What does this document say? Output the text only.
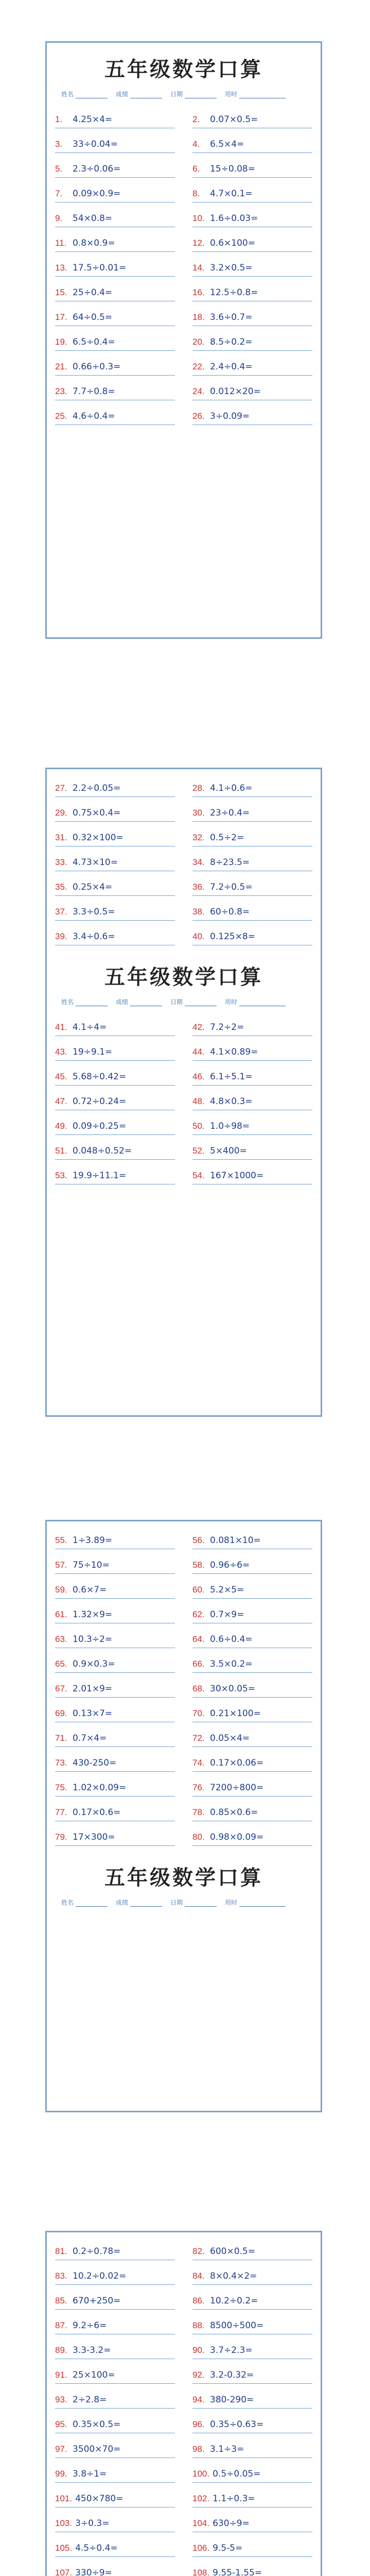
五年级数学口算
姓名	成绩	日期	用时
1.	4.25×4=	2.	0.07×0.5=
3.	33÷0.04=	4.	6.5×4=
5.	2.3÷0.06=	6.	15÷0.08=
7.	0.09×0.9=	8.	4.7×0.1=
9.	54×0.8=	10. 1.6÷0.03=
11. 0.8×0.9=	12. 0.6×100=
13. 17.5÷0.01=	14. 3.2×0.5=
15. 25÷0.4=	16. 12.5÷0.8=
17. 64÷0.5=	18. 3.6÷0.7=
19. 6.5÷0.4=	20. 8.5÷0.2=
21. 0.66÷0.3=	22. 2.4÷0.4=
23. 7.7÷0.8=	24. 0.012×20=
25. 4.6÷0.4=	26. 3÷0.09=
27. 2.2÷0.05=	28. 4.1÷0.6=
29. 0.75×0.4=	30. 23÷0.4=
31. 0.32×100=	32. 0.5÷2=
33. 4.73×10=	34. 8÷23.5=
35. 0.25×4=	36. 7.2÷0.5=
37. 3.3÷0.5=	38. 60÷0.8=
39. 3.4÷0.6=	40. 0.125×8=
五年级数学口算
姓名	成绩	日期	用时
41. 4.1÷4=	42. 7.2÷2=
43. 19÷9.1=	44. 4.1×0.89=
45. 5.68÷0.42=	46. 6.1÷5.1=
47. 0.72÷0.24=	48. 4.8×0.3=
49. 0.09÷0.25=	50. 1.0÷98=
51. 0.048÷0.52=	52. 5×400=
53. 19.9÷11.1=	54. 167×1000=
55. 1÷3.89=	56. 0.081×10=
57. 75÷10=	58. 0.96÷6=
59. 0.6×7=	60. 5.2×5=
61. 1.32×9=	62. 0.7×9=
63. 10.3÷2=	64. 0.6÷0.4=
65. 0.9×0.3=	66. 3.5×0.2=
67. 2.01×9=	68. 30×0.05=
69. 0.13×7=	70. 0.21×100=
71. 0.7×4=	72. 0.05×4=
73. 430-250=	74. 0.17×0.06=
75. 1.02×0.09=	76. 7200÷800=
77. 0.17×0.6=	78. 0.85×0.6=
79. 17×300=	80. 0.98×0.09=
五年级数学口算
姓名	成绩	日期	用时
81. 0.2÷0.78=	82. 600×0.5=
83. 10.2÷0.02=	84. 8×0.4×2=
85. 670+250=	86. 10.2÷0.2=
87. 9.2÷6=	88. 8500÷500=
89. 3.3-3.2=	90. 3.7÷2.3=
91. 25×100=	92. 3.2-0.32=
93. 2÷2.8=	94. 380-290=
95. 0.35×0.5=	96. 0.35÷0.63=
97. 3500×70=	98. 3.1÷3=
99. 3.8÷1=	100. 0.5÷0.05=
101. 450×780=	102. 1.1÷0.3=
103. 3÷0.3=	104. 630÷9=
105. 4.5÷0.4=	106. 9.5-5=
107. 330÷9=	108. 9.55-1.55=
